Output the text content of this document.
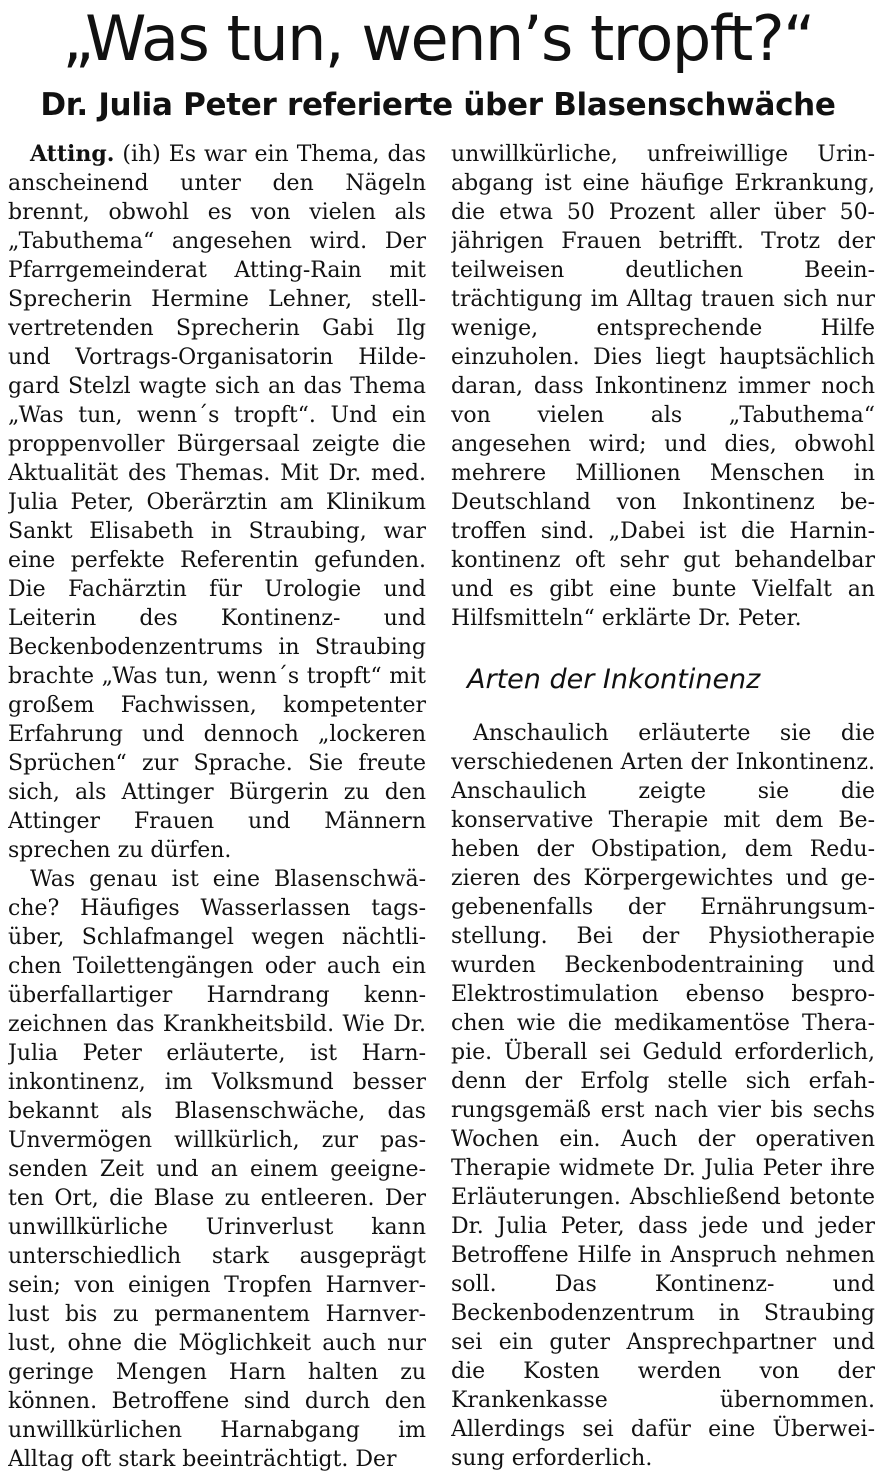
„Was tun, wenn’s tropft?“
Dr. Julia Peter referierte über Blasenschwäche

Atting. (ih) Es war ein Thema, das anscheinend unter den Nägeln brennt, obwohl es von vielen als „Tabuthema“ angesehen wird. Der Pfarrgemeinderat Atting-Rain mit Sprecherin Hermine Lehner, stellvertretenden Sprecherin Gabi Ilg und Vortrags-Organisatorin Hildegard Stelzl wagte sich an das Thema „Was tun, wenn´s tropft“. Und ein proppenvoller Bürgersaal zeigte die Aktualität des Themas. Mit Dr. med. Julia Peter, Oberärztin am Klinikum Sankt Elisabeth in Straubing, war eine perfekte Referentin gefunden. Die Fachärztin für Urologie und Leiterin des Kontinenz- und Beckenbodenzentrums in Straubing brachte „Was tun, wenn´s tropft“ mit großem Fachwissen, kompetenter Erfahrung und dennoch „lockeren Sprüchen“ zur Sprache. Sie freute sich, als Attinger Bürgerin zu den Attinger Frauen und Männern sprechen zu dürfen.

Was genau ist eine Blasenschwäche? Häufiges Wasserlassen tagsüber, Schlafmangel wegen nächtlichen Toilettengängen oder auch ein überfallartiger Harndrang kennzeichnen das Krankheitsbild. Wie Dr. Julia Peter erläuterte, ist Harninkontinenz, im Volksmund besser bekannt als Blasenschwäche, das Unvermögen willkürlich, zur passenden Zeit und an einem geeigneten Ort, die Blase zu entleeren. Der unwillkürliche Urinverlust kann unterschiedlich stark ausgeprägt sein; von einigen Tropfen Harnverlust bis zu permanentem Harnverlust, ohne die Möglichkeit auch nur geringe Mengen Harn halten zu können. Betroffene sind durch den unwillkürlichen Harnabgang im Alltag oft stark beeinträchtigt. Der

unwillkürliche, unfreiwillige Urinabgang ist eine häufige Erkrankung, die etwa 50 Prozent aller über 50-jährigen Frauen betrifft. Trotz der teilweisen deutlichen Beeinträchtigung im Alltag trauen sich nur wenige, entsprechende Hilfe einzuholen. Dies liegt hauptsächlich daran, dass Inkontinenz immer noch von vielen als „Tabuthema“ angesehen wird; und dies, obwohl mehrere Millionen Menschen in Deutschland von Inkontinenz betroffen sind. „Dabei ist die Harninkontinenz oft sehr gut behandelbar und es gibt eine bunte Vielfalt an Hilfsmitteln“ erklärte Dr. Peter.

Arten der Inkontinenz

Anschaulich erläuterte sie die verschiedenen Arten der Inkontinenz. Anschaulich zeigte sie die konservative Therapie mit dem Beheben der Obstipation, dem Reduzieren des Körpergewichtes und gegebenenfalls der Ernährungsumstellung. Bei der Physiotherapie wurden Beckenbodentraining und Elektrostimulation ebenso besprochen wie die medikamentöse Therapie. Überall sei Geduld erforderlich, denn der Erfolg stelle sich erfahrungsgemäß erst nach vier bis sechs Wochen ein. Auch der operativen Therapie widmete Dr. Julia Peter ihre Erläuterungen. Abschließend betonte Dr. Julia Peter, dass jede und jeder Betroffene Hilfe in Anspruch nehmen soll. Das Kontinenz- und Beckenbodenzentrum in Straubing sei ein guter Ansprechpartner und die Kosten werden von der Krankenkasse übernommen. Allerdings sei dafür eine Überweisung erforderlich.
